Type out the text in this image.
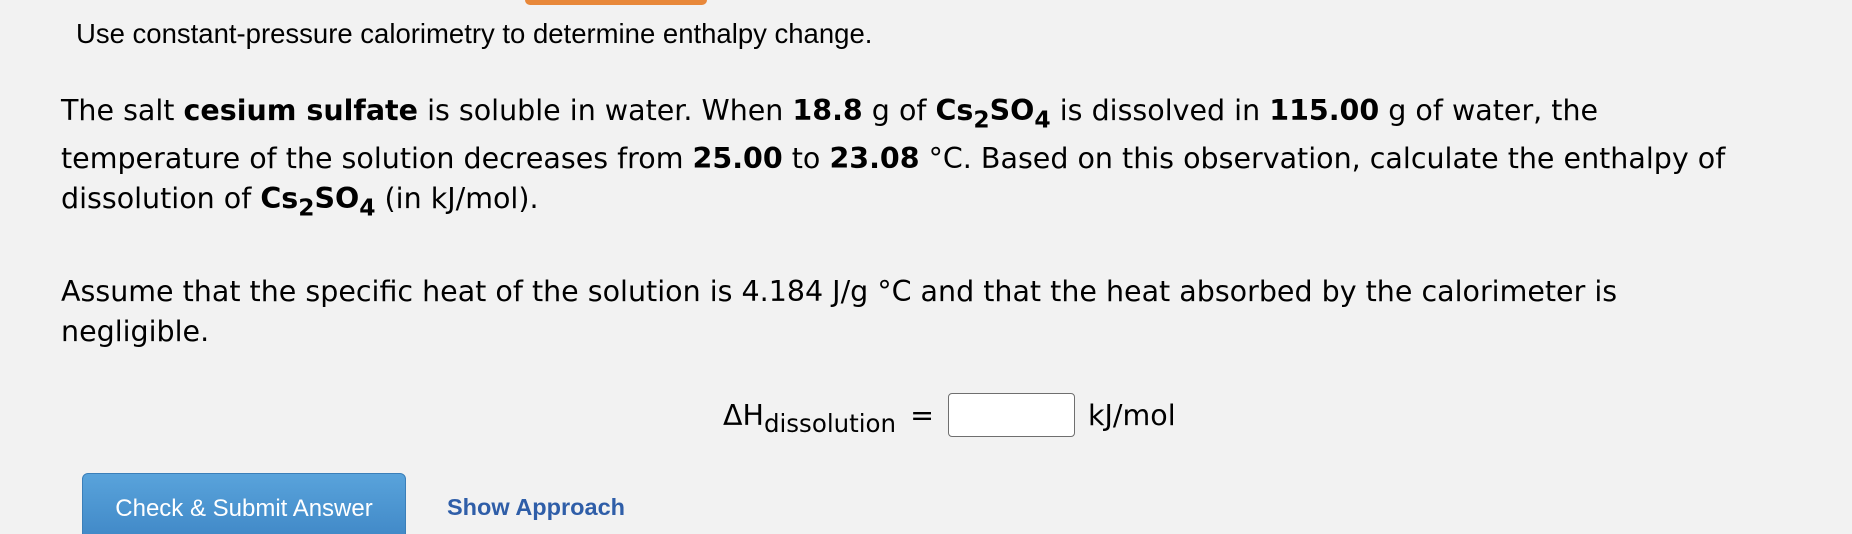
Use constant-pressure calorimetry to determine enthalpy change.
The salt cesium sulfate is soluble in water. When 18.8 g of $Cs_2SO_4$ is dissolved in 115.00 g of water, the
temperature of the solution decreases from 25.00 to 23.08 °C. Based on this observation, calculate the enthalpy of
dissolution of $Cs_2SO_4$ (in kJ/mol).
Assume that the specific heat of the solution is 4.184 J/g °C and that the heat absorbed by the calorimeter is
negligible.
$\Delta H_{dissolution}$ =	kJ/mol
Check & Submit Answer	Show Approach
